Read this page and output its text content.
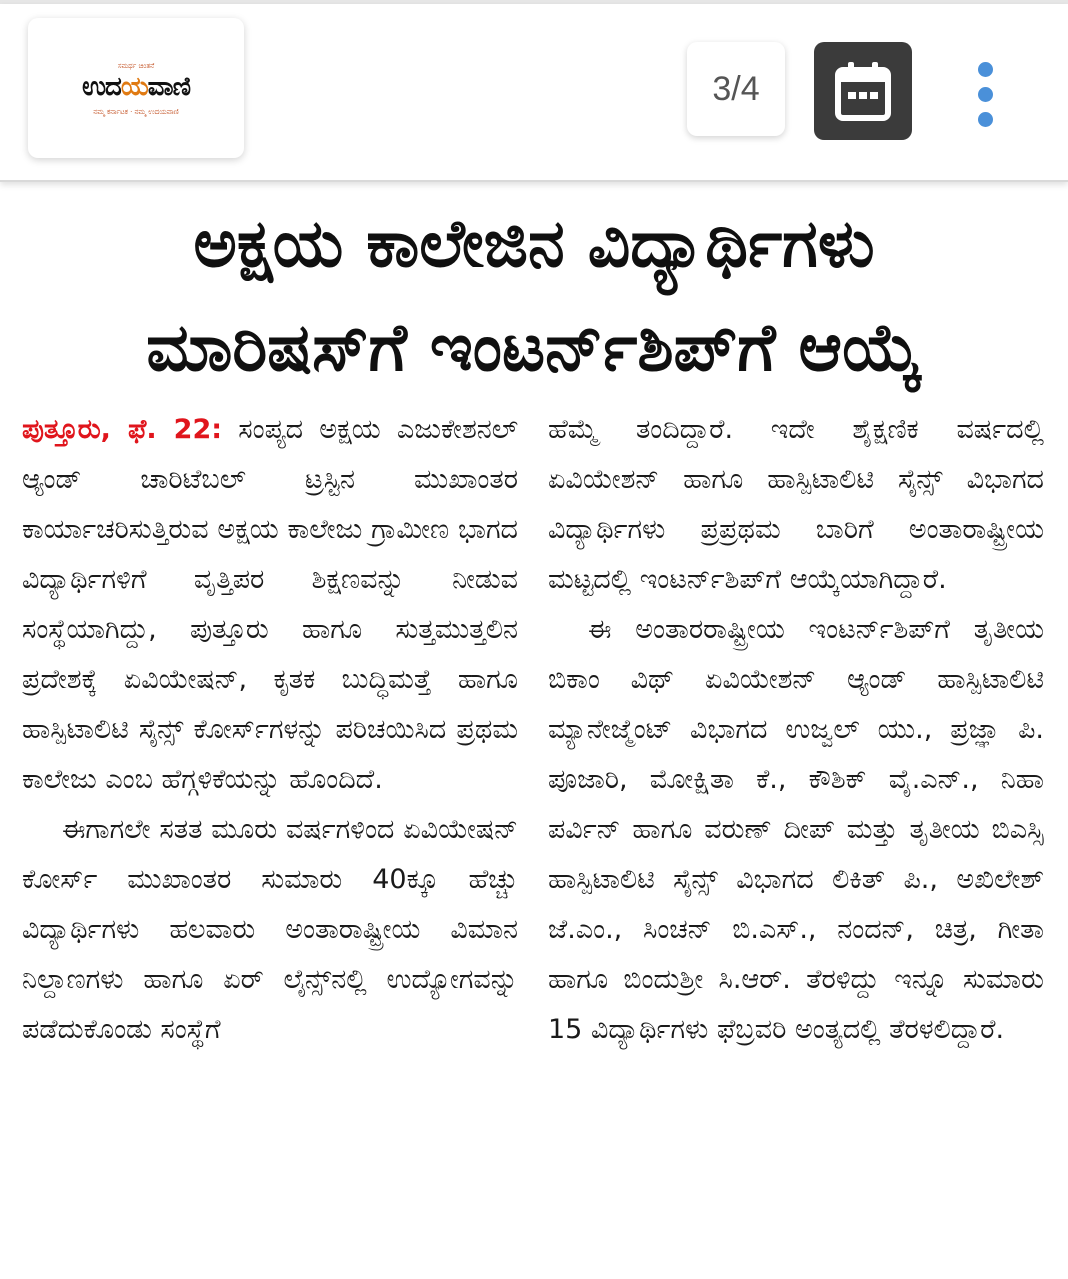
ಸಮರ್ಥ ಚಿಂತನೆ
ಉದಯವಾಣಿ
ನಮ್ಮ ಕರ್ನಾಟಕ · ನಮ್ಮ ಉದಯವಾಣಿ
3/4
ಅಕ್ಷಯ ಕಾಲೇಜಿನ ವಿದ್ಯಾರ್ಥಿಗಳು
ಮಾರಿಷಸ್‌ಗೆ ಇಂಟರ್ನ್‌ಶಿಪ್‌ಗೆ ಆಯ್ಕೆ

ಪುತ್ತೂರು, ಫೆ. 22: ಸಂಪ್ಯದ ಅಕ್ಷಯ ಎಜುಕೇಶನಲ್ ಆ್ಯಂಡ್ ಚಾರಿಟೆಬಲ್ ಟ್ರಸ್ಟಿನ ಮುಖಾಂತರ ಕಾರ್ಯಾಚರಿಸುತ್ತಿರುವ ಅಕ್ಷಯ ಕಾಲೇಜು ಗ್ರಾಮೀಣ ಭಾಗದ ವಿದ್ಯಾರ್ಥಿಗಳಿಗೆ ವೃತ್ತಿಪರ ಶಿಕ್ಷಣವನ್ನು ನೀಡುವ ಸಂಸ್ಥೆಯಾಗಿದ್ದು, ಪುತ್ತೂರು ಹಾಗೂ ಸುತ್ತಮುತ್ತಲಿನ ಪ್ರದೇಶಕ್ಕೆ ಏವಿಯೇಷನ್, ಕೃತಕ ಬುದ್ಧಿಮತ್ತೆ ಹಾಗೂ ಹಾಸ್ಪಿಟಾಲಿಟಿ ಸೈನ್ಸ್ ಕೋರ್ಸ್‌ಗಳನ್ನು ಪರಿಚಯಿಸಿದ ಪ್ರಥಮ ಕಾಲೇಜು ಎಂಬ ಹೆಗ್ಗಳಿಕೆಯನ್ನು ಹೊಂದಿದೆ.

ಈಗಾಗಲೇ ಸತತ ಮೂರು ವರ್ಷಗಳಿಂದ ಏವಿಯೇಷನ್ ಕೋರ್ಸ್ ಮುಖಾಂತರ ಸುಮಾರು 40ಕ್ಕೂ ಹೆಚ್ಚು ವಿದ್ಯಾರ್ಥಿಗಳು ಹಲವಾರು ಅಂತಾರಾಷ್ಟ್ರೀಯ ವಿಮಾನ ನಿಲ್ದಾಣಗಳು ಹಾಗೂ ಏರ್ ಲೈನ್ಸ್‌ನಲ್ಲಿ ಉದ್ಯೋಗವನ್ನು ಪಡೆದುಕೊಂಡು ಸಂಸ್ಥೆಗೆ

ಹೆಮ್ಮೆ ತಂದಿದ್ದಾರೆ. ಇದೇ ಶೈಕ್ಷಣಿಕ ವರ್ಷದಲ್ಲಿ ಏವಿಯೇಶನ್ ಹಾಗೂ ಹಾಸ್ಪಿಟಾಲಿಟಿ ಸೈನ್ಸ್ ವಿಭಾಗದ ವಿದ್ಯಾರ್ಥಿಗಳು ಪ್ರಪ್ರಥಮ ಬಾರಿಗೆ ಅಂತಾರಾಷ್ಟ್ರೀಯ ಮಟ್ಟದಲ್ಲಿ ಇಂಟರ್ನ್‌ಶಿಪ್‌ಗೆ ಆಯ್ಕೆಯಾಗಿದ್ದಾರೆ.

ಈ ಅಂತಾರರಾಷ್ಟ್ರೀಯ ಇಂಟರ್ನ್‌ಶಿಪ್‌ಗೆ ತೃತೀಯ ಬಿಕಾಂ ವಿಥ್ ಏವಿಯೇಶನ್ ಆ್ಯಂಡ್ ಹಾಸ್ಪಿಟಾಲಿಟಿ ಮ್ಯಾನೇಜ್ಮೆಂಟ್ ವಿಭಾಗದ ಉಜ್ವಲ್ ಯು., ಪ್ರಜ್ಞಾ ಪಿ. ಪೂಜಾರಿ, ಮೋಕ್ಷಿತಾ ಕೆ., ಕೌಶಿಕ್ ವೈ.ಎನ್., ನಿಹಾ ಪರ್ವಿನ್ ಹಾಗೂ ವರುಣ್ ದೀಪ್ ಮತ್ತು ತೃತೀಯ ಬಿಎಸ್ಸಿ ಹಾಸ್ಪಿಟಾಲಿಟಿ ಸೈನ್ಸ್ ವಿಭಾಗದ ಲಿಕಿತ್ ಪಿ., ಅಖಿಲೇಶ್ ಜೆ.ಎಂ., ಸಿಂಚನ್ ಬಿ.ಎಸ್., ನಂದನ್, ಚಿತ್ರ, ಗೀತಾ ಹಾಗೂ ಬಿಂದುಶ್ರೀ ಸಿ.ಆರ್. ತೆರಳಿದ್ದು ಇನ್ನೂ ಸುಮಾರು 15 ವಿದ್ಯಾರ್ಥಿಗಳು ಫೆಬ್ರವರಿ ಅಂತ್ಯದಲ್ಲಿ ತೆರಳಲಿದ್ದಾರೆ.
